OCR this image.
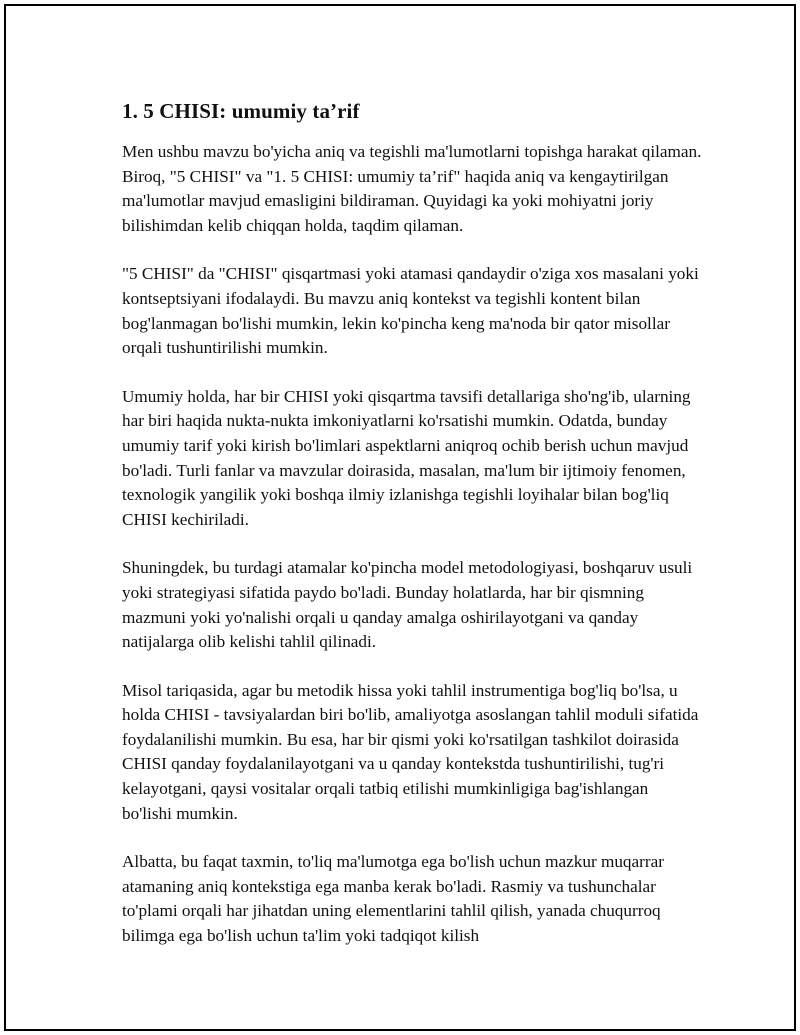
1. 5 CHISI: umumiy ta’rif

Men ushbu mavzu bo'yicha aniq va tegishli ma'lumotlarni topishga harakat qilaman. Biroq, "5 CHISI" va "1. 5 CHISI: umumiy ta’rif" haqida aniq va kengaytirilgan ma'lumotlar mavjud emasligini bildiraman. Quyidagi ka yoki mohiyatni joriy bilishimdan kelib chiqqan holda, taqdim qilaman.

"5 CHISI" da "CHISI" qisqartmasi yoki atamasi qandaydir o'ziga xos masalani yoki kontseptsiyani ifodalaydi. Bu mavzu aniq kontekst va tegishli kontent bilan bog'lanmagan bo'lishi mumkin, lekin ko'pincha keng ma'noda bir qator misollar orqali tushuntirilishi mumkin.

Umumiy holda, har bir CHISI yoki qisqartma tavsifi detallariga sho'ng'ib, ularning har biri haqida nukta-nukta imkoniyatlarni ko'rsatishi mumkin. Odatda, bunday umumiy tarif yoki kirish bo'limlari aspektlarni aniqroq ochib berish uchun mavjud bo'ladi. Turli fanlar va mavzular doirasida, masalan, ma'lum bir ijtimoiy fenomen, texnologik yangilik yoki boshqa ilmiy izlanishga tegishli loyihalar bilan bog'liq CHISI kechiriladi.

Shuningdek, bu turdagi atamalar ko'pincha model metodologiyasi, boshqaruv usuli yoki strategiyasi sifatida paydo bo'ladi. Bunday holatlarda, har bir qismning mazmuni yoki yo'nalishi orqali u qanday amalga oshirilayotgani va qanday natijalarga olib kelishi tahlil qilinadi.

Misol tariqasida, agar bu metodik hissa yoki tahlil instrumentiga bog'liq bo'lsa, u holda CHISI - tavsiyalardan biri bo'lib, amaliyotga asoslangan tahlil moduli sifatida foydalanilishi mumkin. Bu esa, har bir qismi yoki ko'rsatilgan tashkilot doirasida CHISI qanday foydalanilayotgani va u qanday kontekstda tushuntirilishi, tug'ri kelayotgani, qaysi vositalar orqali tatbiq etilishi mumkinligiga bag'ishlangan bo'lishi mumkin.

Albatta, bu faqat taxmin, to'liq ma'lumotga ega bo'lish uchun mazkur muqarrar atamaning aniq kontekstiga ega manba kerak bo'ladi. Rasmiy va tushunchalar to'plami orqali har jihatdan uning elementlarini tahlil qilish, yanada chuqurroq bilimga ega bo'lish uchun ta'lim yoki tadqiqot kilish
